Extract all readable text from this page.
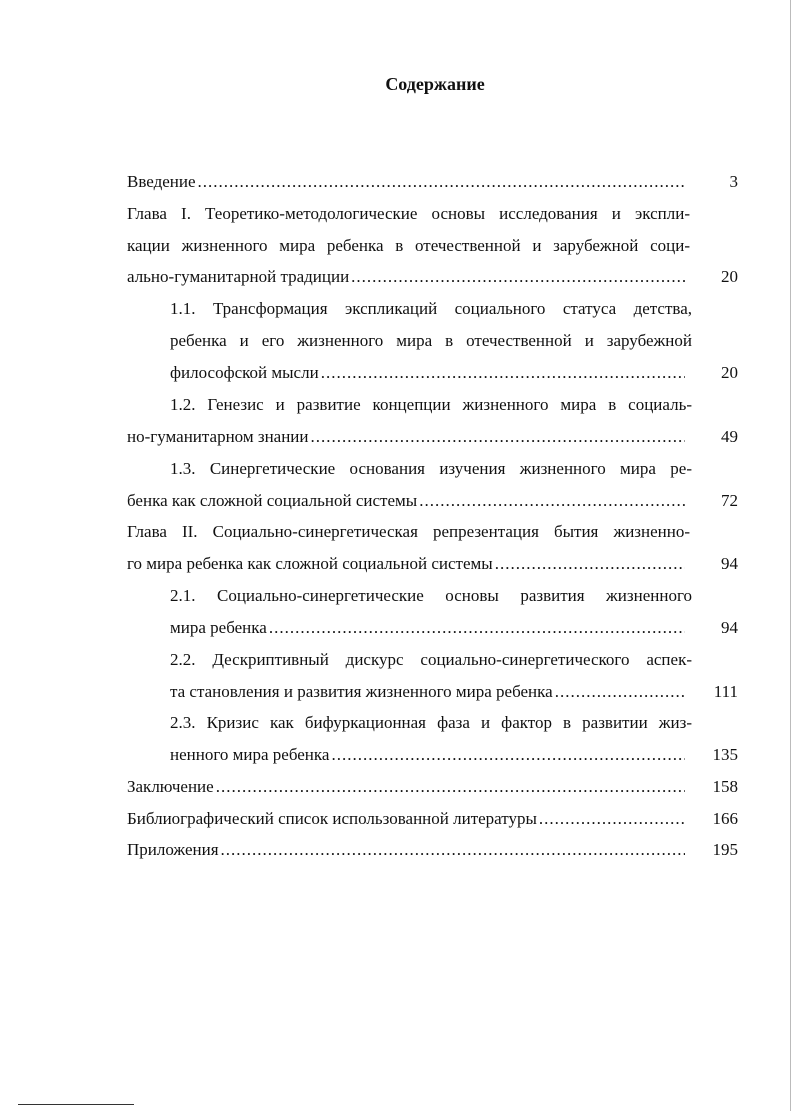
Содержание
Введение .....	3
Глава I. Теоретико-методологические основы исследования и экспли-
кации жизненного мира ребенка в отечественной и зарубежной соци-
ально-гуманитарной традиции .....	20
1.1. Трансформация экспликаций социального статуса детства,
ребенка и его жизненного мира в отечественной и зарубежной
философской мысли .....	20
1.2. Генезис и развитие концепции жизненного мира в социаль-
но-гуманитарном знании .....	49
1.3. Синергетические основания изучения жизненного мира ре-
бенка как сложной социальной системы .....	72
Глава II. Социально-синергетическая репрезентация бытия жизненно-
го мира ребенка как сложной социальной системы .....	94
2.1. Социально-синергетические основы развития жизненного
мира ребенка .....	94
2.2. Дескриптивный дискурс социально-синергетического аспек-
та становления и развития жизненного мира ребенка .....	111
2.3. Кризис как бифуркационная фаза и фактор в развитии жиз-
ненного мира ребенка .....	135
Заключение .....	158
Библиографический список использованной литературы .....	166
Приложения .....	195
